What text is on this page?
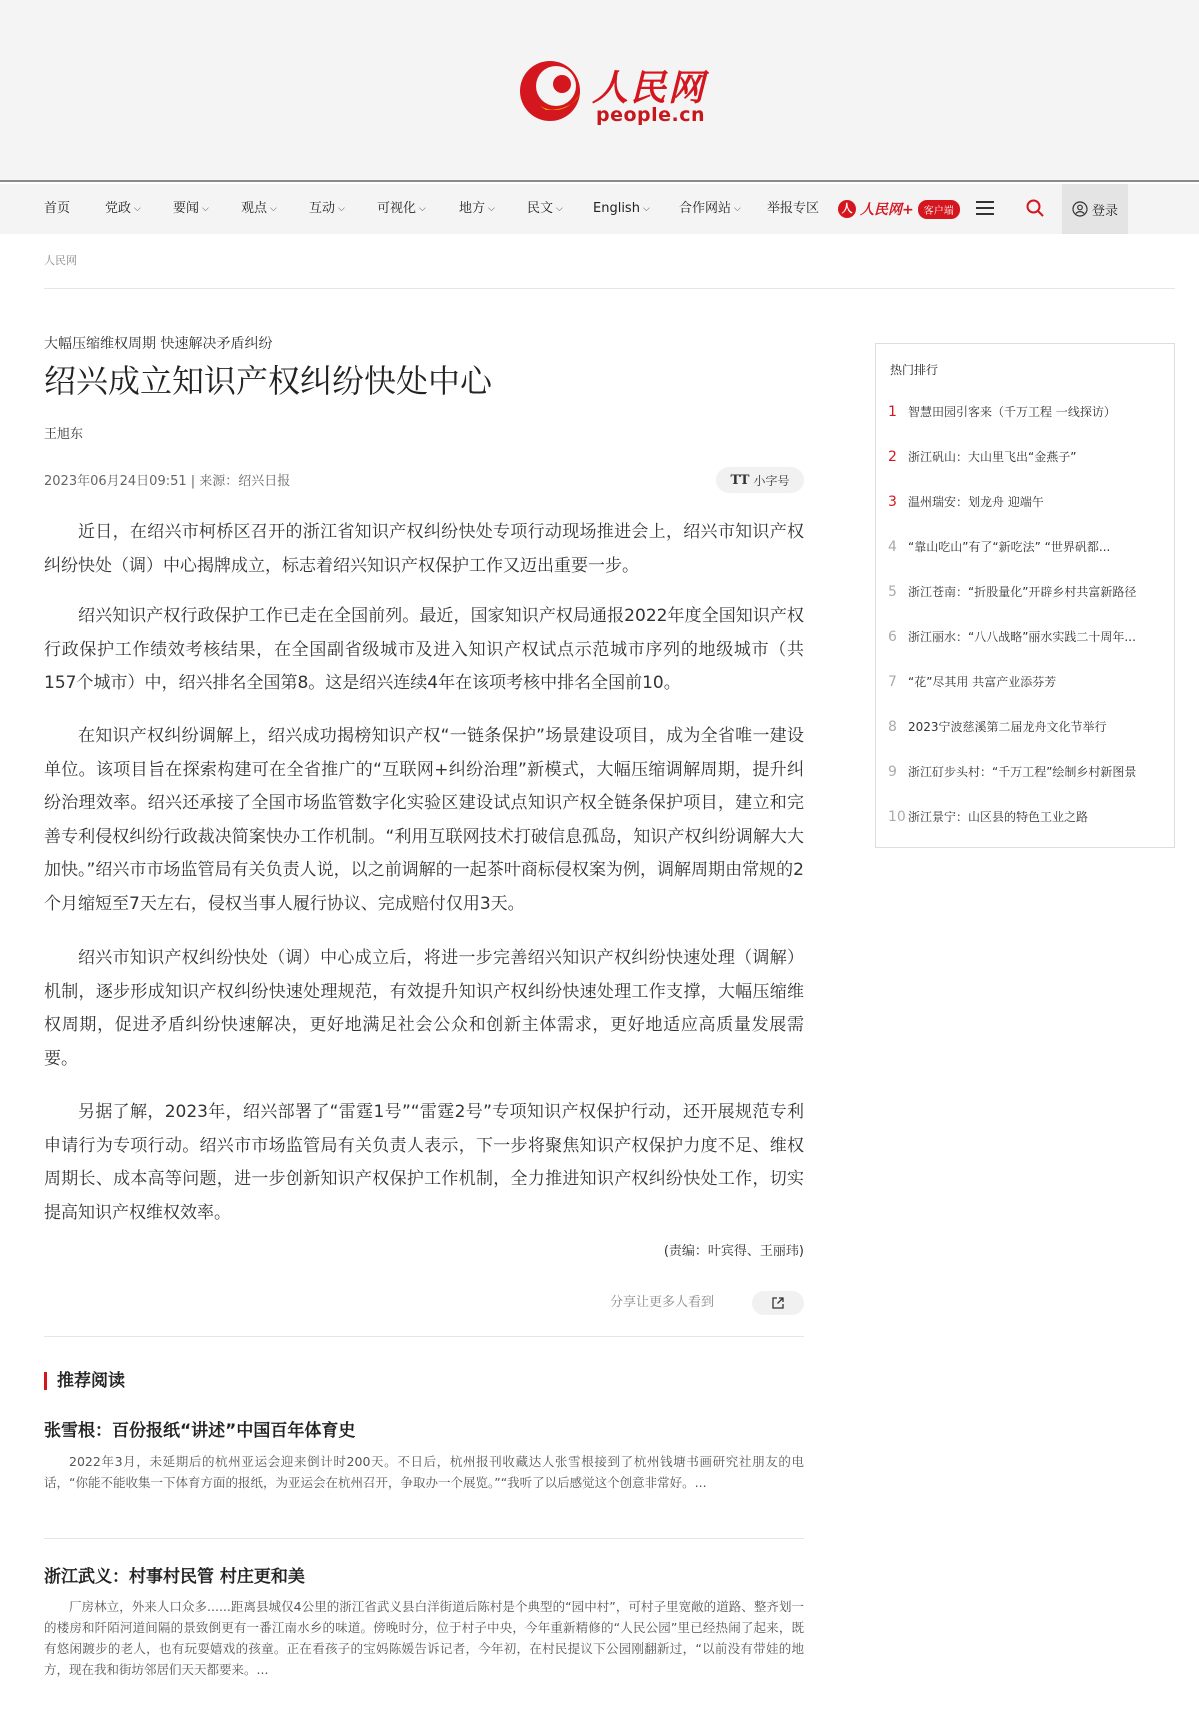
人民网
people.cn
首页	党政 ⌵ 要闻 ⌵ 观点 ⌵ 互动 ⌵ 可视化 ⌵	地方 ⌵ 民文 ⌵ English ⌵ 合作网站 ⌵ 举报专区	人 人民网+	客户端	登录
人民网
大幅压缩维权周期 快速解决矛盾纠纷
绍兴成立知识产权纠纷快处中心
王旭东
2023年06月24日09:51 | 来源：绍兴日报	TT 小字号

近日，在绍兴市柯桥区召开的浙江省知识产权纠纷快处专项行动现场推进会上，绍兴市知识产权纠纷快处（调）中心揭牌成立，标志着绍兴知识产权保护工作又迈出重要一步。

绍兴知识产权行政保护工作已走在全国前列。最近，国家知识产权局通报2022年度全国知识产权行政保护工作绩效考核结果，在全国副省级城市及进入知识产权试点示范城市序列的地级城市（共157个城市）中，绍兴排名全国第8。这是绍兴连续4年在该项考核中排名全国前10。

在知识产权纠纷调解上，绍兴成功揭榜知识产权“一链条保护”场景建设项目，成为全省唯一建设单位。该项目旨在探索构建可在全省推广的“互联网+纠纷治理”新模式，大幅压缩调解周期，提升纠纷治理效率。绍兴还承接了全国市场监管数字化实验区建设试点知识产权全链条保护项目，建立和完善专利侵权纠纷行政裁决简案快办工作机制。“利用互联网技术打破信息孤岛，知识产权纠纷调解大大加快。”绍兴市市场监管局有关负责人说，以之前调解的一起茶叶商标侵权案为例，调解周期由常规的2个月缩短至7天左右，侵权当事人履行协议、完成赔付仅用3天。

绍兴市知识产权纠纷快处（调）中心成立后，将进一步完善绍兴知识产权纠纷快速处理（调解）机制，逐步形成知识产权纠纷快速处理规范，有效提升知识产权纠纷快速处理工作支撑，大幅压缩维权周期，促进矛盾纠纷快速解决，更好地满足社会公众和创新主体需求，更好地适应高质量发展需要。

另据了解，2023年，绍兴部署了“雷霆1号”“雷霆2号”专项知识产权保护行动，还开展规范专利申请行为专项行动。绍兴市市场监管局有关负责人表示，下一步将聚焦知识产权保护力度不足、维权周期长、成本高等问题，进一步创新知识产权保护工作机制，全力推进知识产权纠纷快处工作，切实提高知识产权维权效率。

(责编：叶宾得、王丽玮)
分享让更多人看到
推荐阅读
张雪根：百份报纸“讲述”中国百年体育史

2022年3月，未延期后的杭州亚运会迎来倒计时200天。不日后，杭州报刊收藏达人张雪根接到了杭州钱塘书画研究社朋友的电话，“你能不能收集一下体育方面的报纸，为亚运会在杭州召开，争取办一个展览。”“我听了以后感觉这个创意非常好。...

浙江武义：村事村民管 村庄更和美

厂房林立，外来人口众多......距离县城仅4公里的浙江省武义县白洋街道后陈村是个典型的“园中村”，可村子里宽敞的道路、整齐划一的楼房和阡陌河道间隔的景致倒更有一番江南水乡的味道。傍晚时分，位于村子中央，今年重新精修的“人民公园”里已经热闹了起来，既有悠闲踱步的老人，也有玩耍嬉戏的孩童。正在看孩子的宝妈陈媛告诉记者，今年初，在村民提议下公园刚翻新过，“以前没有带娃的地方，现在我和街坊邻居们天天都要来。...

热门排行
1 智慧田园引客来（千万工程 一线探访）
2 浙江矾山：大山里飞出“金燕子”
3 温州瑞安：划龙舟 迎端午
4 “靠山吃山”有了“新吃法” “世界矾都...
5 浙江苍南：“折股量化”开辟乡村共富新路径
6 浙江丽水：“八八战略”丽水实践二十周年...
7 “花”尽其用 共富产业添芬芳
8 2023宁波慈溪第二届龙舟文化节举行
9 浙江矴步头村：“千万工程”绘制乡村新图景
10 浙江景宁：山区县的特色工业之路
